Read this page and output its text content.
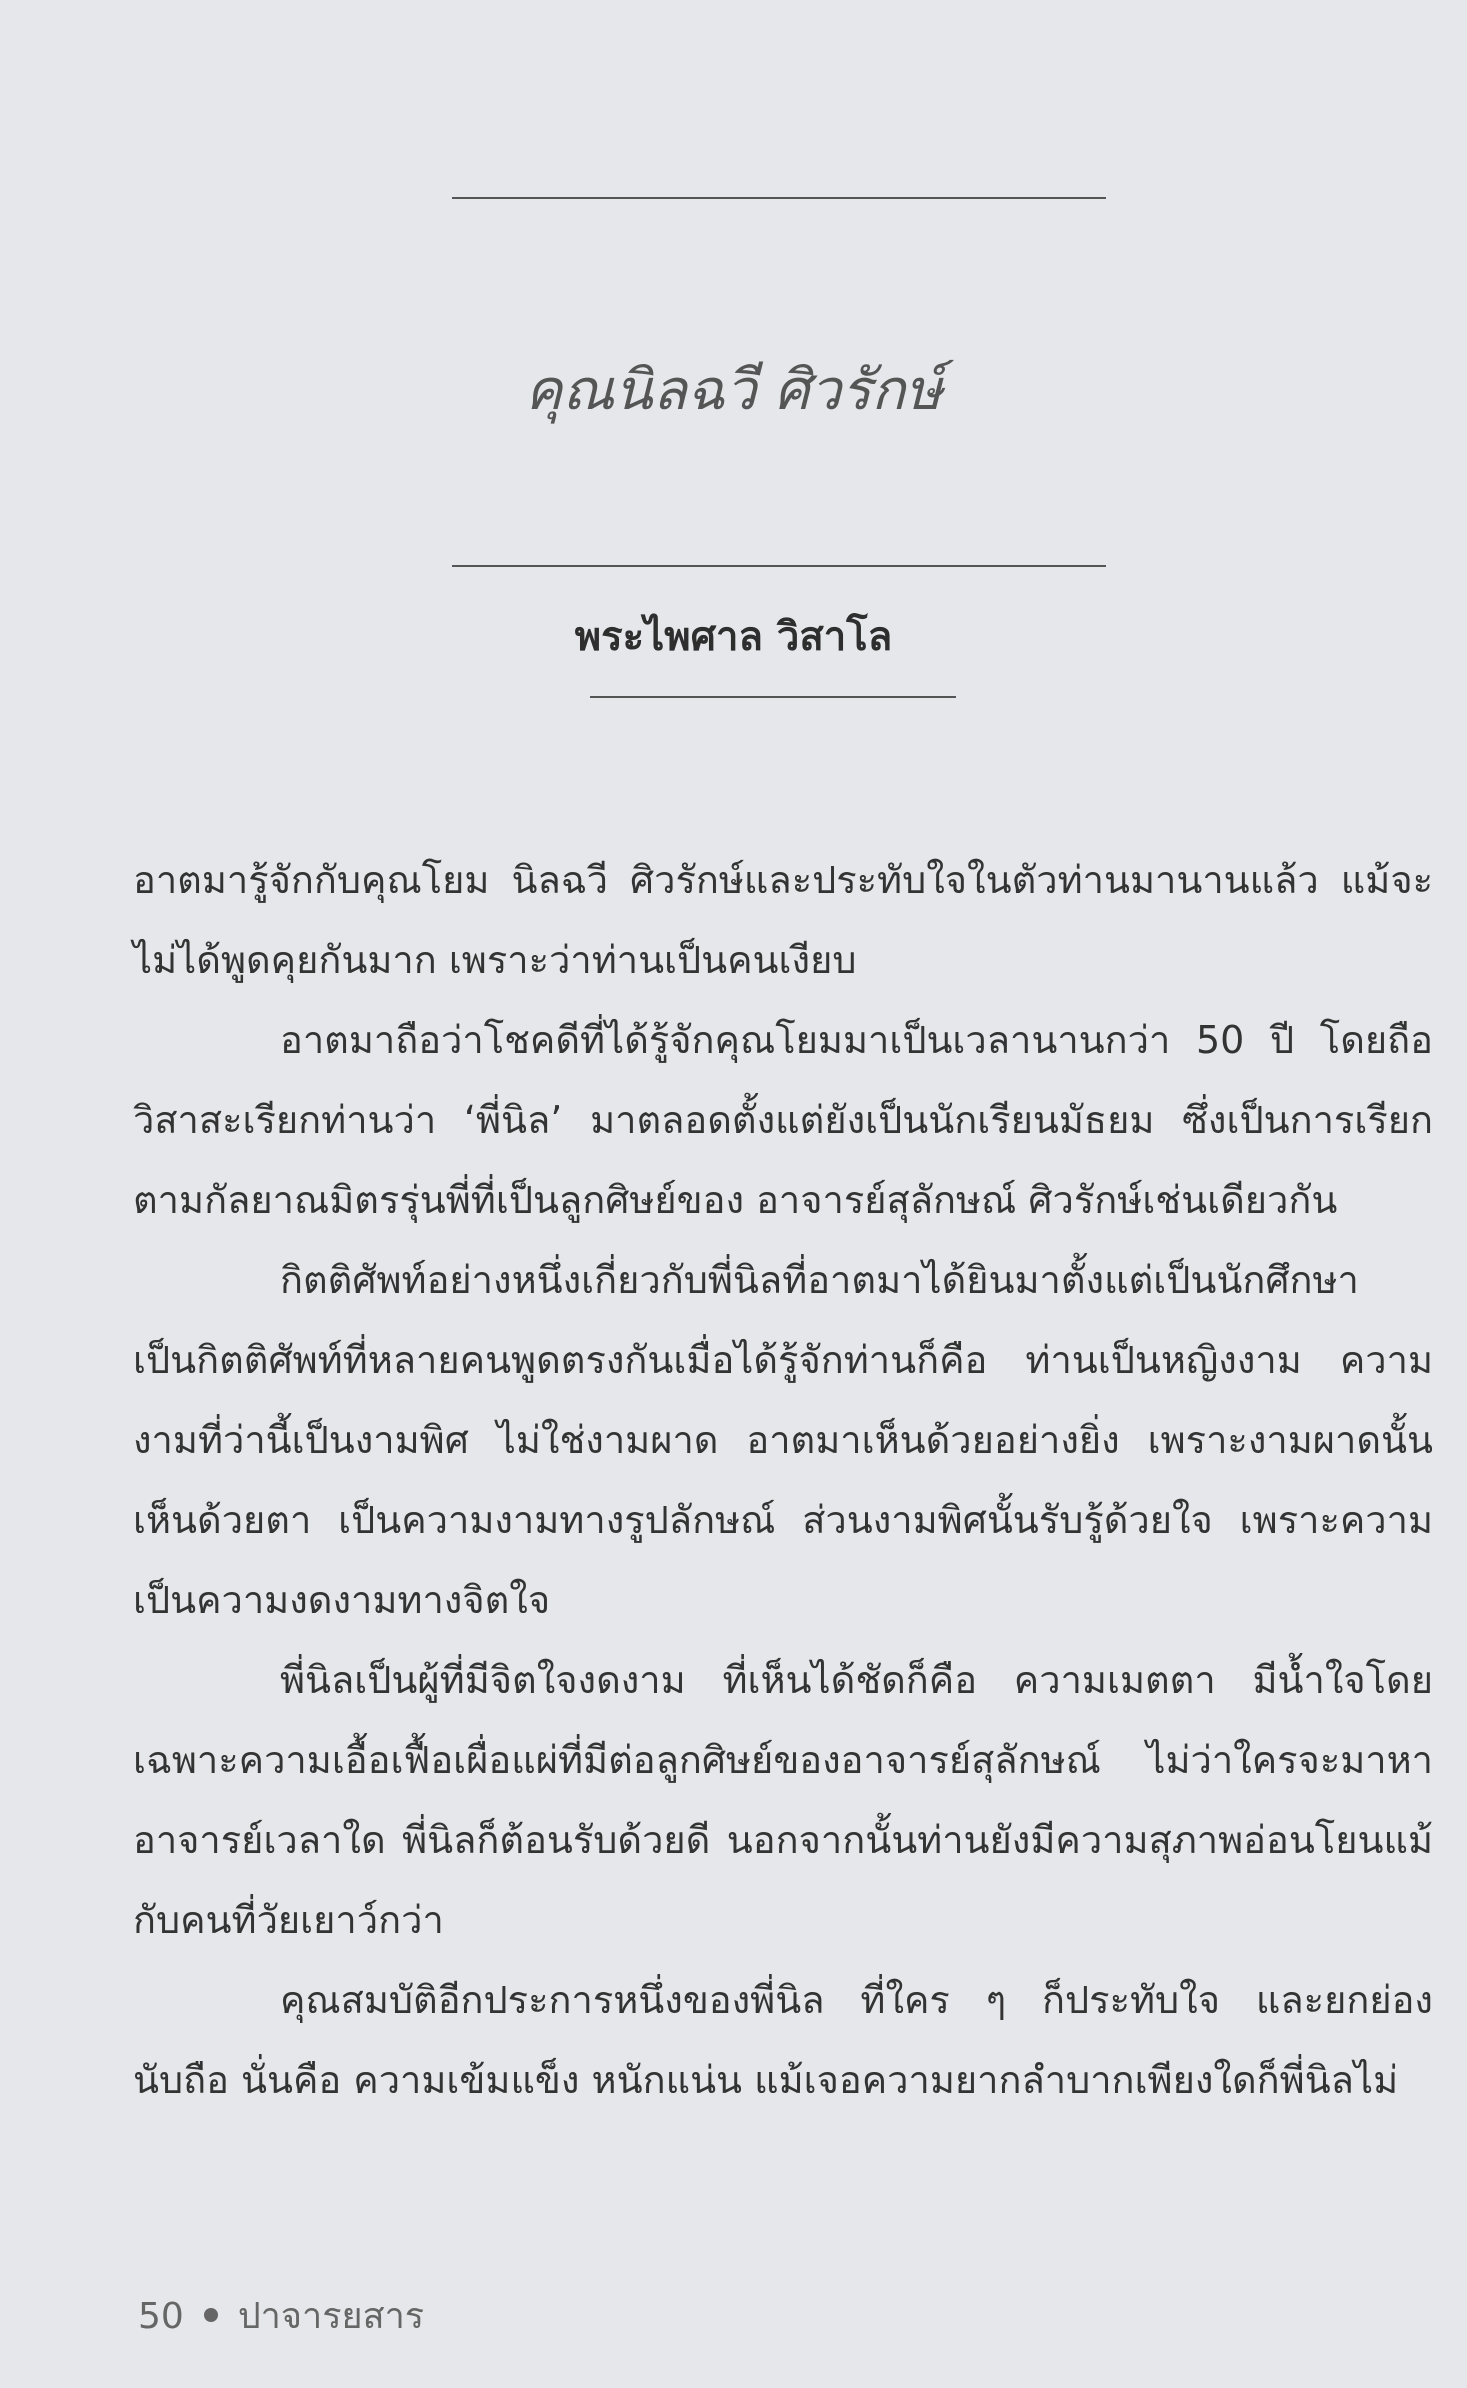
คุณนิลฉวี ศิวรักษ์
พระไพศาล วิสาโล

อาตมารู้จักกับคุณโยม นิลฉวี ศิวรักษ์และประทับใจในตัวท่านมานานแล้ว แม้จะไม่ได้พูดคุยกันมาก เพราะว่าท่านเป็นคนเงียบ

อาตมาถือว่าโชคดีที่ได้รู้จักคุณโยมมาเป็นเวลานานกว่า 50 ปี โดยถือวิสาสะเรียกท่านว่า ‘พี่นิล’ มาตลอดตั้งแต่ยังเป็นนักเรียนมัธยม ซึ่งเป็นการเรียกตามกัลยาณมิตรรุ่นพี่ที่เป็นลูกศิษย์ของ อาจารย์สุลักษณ์ ศิวรักษ์เช่นเดียวกัน

กิตติศัพท์อย่างหนึ่งเกี่ยวกับพี่นิลที่อาตมาได้ยินมาตั้งแต่เป็นนักศึกษา เป็นกิตติศัพท์ที่หลายคนพูดตรงกันเมื่อได้รู้จักท่านก็คือ ท่านเป็นหญิงงาม ความงามที่ว่านี้เป็นงามพิศ ไม่ใช่งามผาด อาตมาเห็นด้วยอย่างยิ่ง เพราะงามผาดนั้นเห็นด้วยตา เป็นความงามทางรูปลักษณ์ ส่วนงามพิศนั้นรับรู้ด้วยใจ เพราะความเป็นความงดงามทางจิตใจ

พี่นิลเป็นผู้ที่มีจิตใจงดงาม ที่เห็นได้ชัดก็คือ ความเมตตา มีน้ำใจโดยเฉพาะความเอื้อเฟื้อเผื่อแผ่ที่มีต่อลูกศิษย์ของอาจารย์สุลักษณ์ ไม่ว่าใครจะมาหาอาจารย์เวลาใด พี่นิลก็ต้อนรับด้วยดี นอกจากนั้นท่านยังมีความสุภาพอ่อนโยนแม้กับคนที่วัยเยาว์กว่า

คุณสมบัติอีกประการหนึ่งของพี่นิล ที่ใคร ๆ ก็ประทับใจ และยกย่องนับถือ นั่นคือ ความเข้มแข็ง หนักแน่น แม้เจอความยากลำบากเพียงใดก็พี่นิลไม่

50 ปาจารยสาร
